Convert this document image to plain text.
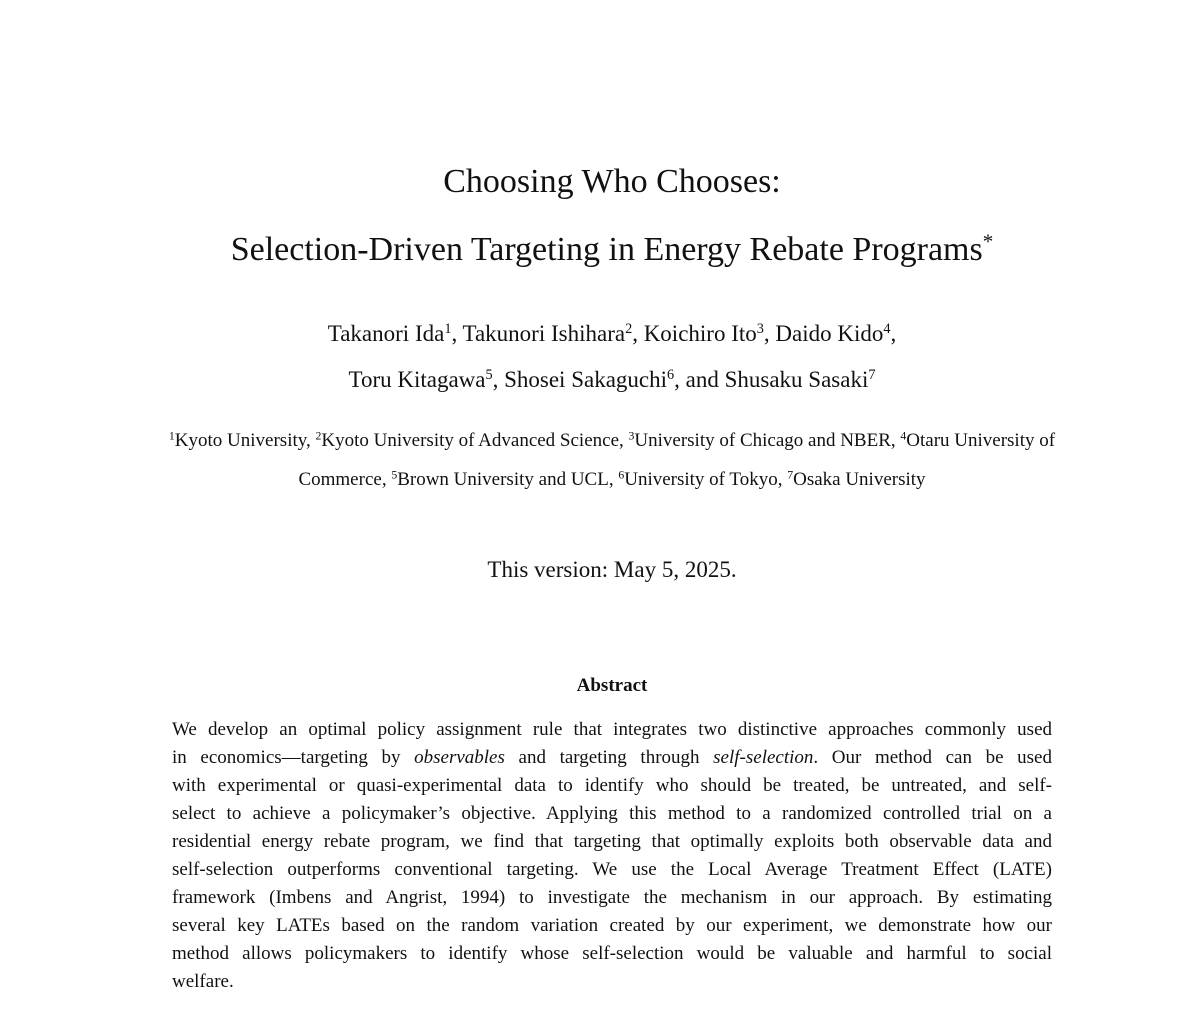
Choosing Who Chooses:
Selection-Driven Targeting in Energy Rebate Programs*
Takanori Ida$^1$, Takunori Ishihara$^2$, Koichiro Ito$^3$, Daido Kido$^4$,
Toru Kitagawa$^5$, Shosei Sakaguchi$^6$, and Shusaku Sasaki$^7$
$^1$Kyoto University, $^2$Kyoto University of Advanced Science, $^3$University of Chicago and NBER, $^4$Otaru University of
Commerce, $^5$Brown University and UCL, $^6$University of Tokyo, $^7$Osaka University
This version: May 5, 2025.
Abstract
We develop an optimal policy assignment rule that integrates two distinctive approaches commonly used
in economics—targeting by observables and targeting through self-selection. Our method can be used
with experimental or quasi-experimental data to identify who should be treated, be untreated, and self-
select to achieve a policymaker’s objective. Applying this method to a randomized controlled trial on a
residential energy rebate program, we find that targeting that optimally exploits both observable data and
self-selection outperforms conventional targeting. We use the Local Average Treatment Effect (LATE)
framework (Imbens and Angrist, 1994) to investigate the mechanism in our approach. By estimating
several key LATEs based on the random variation created by our experiment, we demonstrate how our
method allows policymakers to identify whose self-selection would be valuable and harmful to social
welfare.
